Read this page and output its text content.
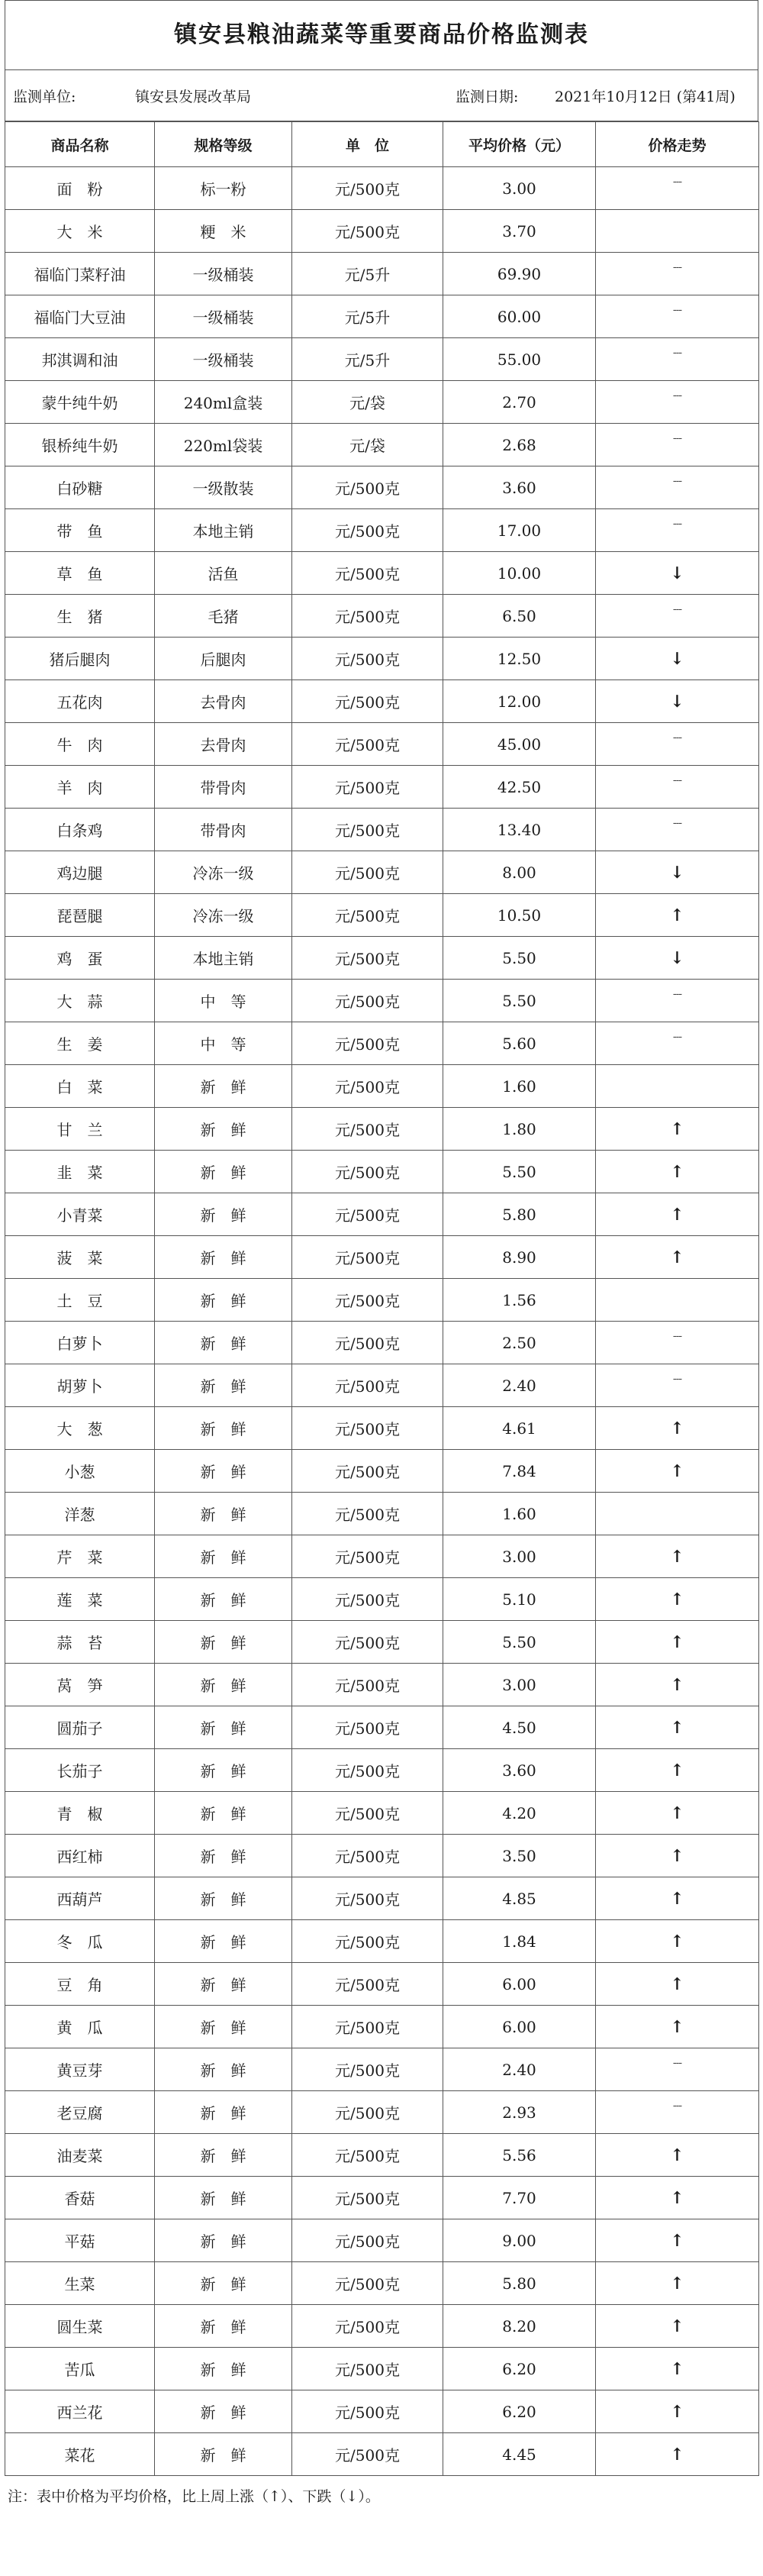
镇安县粮油蔬菜等重要商品价格监测表
监测单位:	镇安县发展改革局	监测日期:	2021年10月12日 (第41周)
商品名称	规格等级	单　位	平均价格（元）	价格走势
面　粉	标一粉	元/500克	3.00	---
大　米	粳　米	元/500克	3.70	
福临门菜籽油	一级桶装	元/5升	69.90	---
福临门大豆油	一级桶装	元/5升	60.00	---
邦淇调和油	一级桶装	元/5升	55.00	---
蒙牛纯牛奶	240ml盒装	元/袋	2.70	---
银桥纯牛奶	220ml袋装	元/袋	2.68	---
白砂糖	一级散装	元/500克	3.60	---
带　鱼	本地主销	元/500克	17.00	---
草　鱼	活鱼	元/500克	10.00	↓
生　猪	毛猪	元/500克	6.50	---
猪后腿肉	后腿肉	元/500克	12.50	↓
五花肉	去骨肉	元/500克	12.00	↓
牛　肉	去骨肉	元/500克	45.00	---
羊　肉	带骨肉	元/500克	42.50	---
白条鸡	带骨肉	元/500克	13.40	---
鸡边腿	冷冻一级	元/500克	8.00	↓
琵琶腿	冷冻一级	元/500克	10.50	↑
鸡　蛋	本地主销	元/500克	5.50	↓
大　蒜	中　等	元/500克	5.50	---
生　姜	中　等	元/500克	5.60	---
白　菜	新　鲜	元/500克	1.60	
甘　兰	新　鲜	元/500克	1.80	↑
韭　菜	新　鲜	元/500克	5.50	↑
小青菜	新　鲜	元/500克	5.80	↑
菠　菜	新　鲜	元/500克	8.90	↑
土　豆	新　鲜	元/500克	1.56	
白萝卜	新　鲜	元/500克	2.50	---
胡萝卜	新　鲜	元/500克	2.40	---
大　葱	新　鲜	元/500克	4.61	↑
小葱	新　鲜	元/500克	7.84	↑
洋葱	新　鲜	元/500克	1.60	
芹　菜	新　鲜	元/500克	3.00	↑
莲　菜	新　鲜	元/500克	5.10	↑
蒜　苔	新　鲜	元/500克	5.50	↑
莴　笋	新　鲜	元/500克	3.00	↑
圆茄子	新　鲜	元/500克	4.50	↑
长茄子	新　鲜	元/500克	3.60	↑
青　椒	新　鲜	元/500克	4.20	↑
西红柿	新　鲜	元/500克	3.50	↑
西葫芦	新　鲜	元/500克	4.85	↑
冬　瓜	新　鲜	元/500克	1.84	↑
豆　角	新　鲜	元/500克	6.00	↑
黄　瓜	新　鲜	元/500克	6.00	↑
黄豆芽	新　鲜	元/500克	2.40	---
老豆腐	新　鲜	元/500克	2.93	---
油麦菜	新　鲜	元/500克	5.56	↑
香菇	新　鲜	元/500克	7.70	↑
平菇	新　鲜	元/500克	9.00	↑
生菜	新　鲜	元/500克	5.80	↑
圆生菜	新　鲜	元/500克	8.20	↑
苦瓜	新　鲜	元/500克	6.20	↑
西兰花	新　鲜	元/500克	6.20	↑
菜花	新　鲜	元/500克	4.45	↑
注：表中价格为平均价格，比上周上涨（↑）、下跌（↓）。
